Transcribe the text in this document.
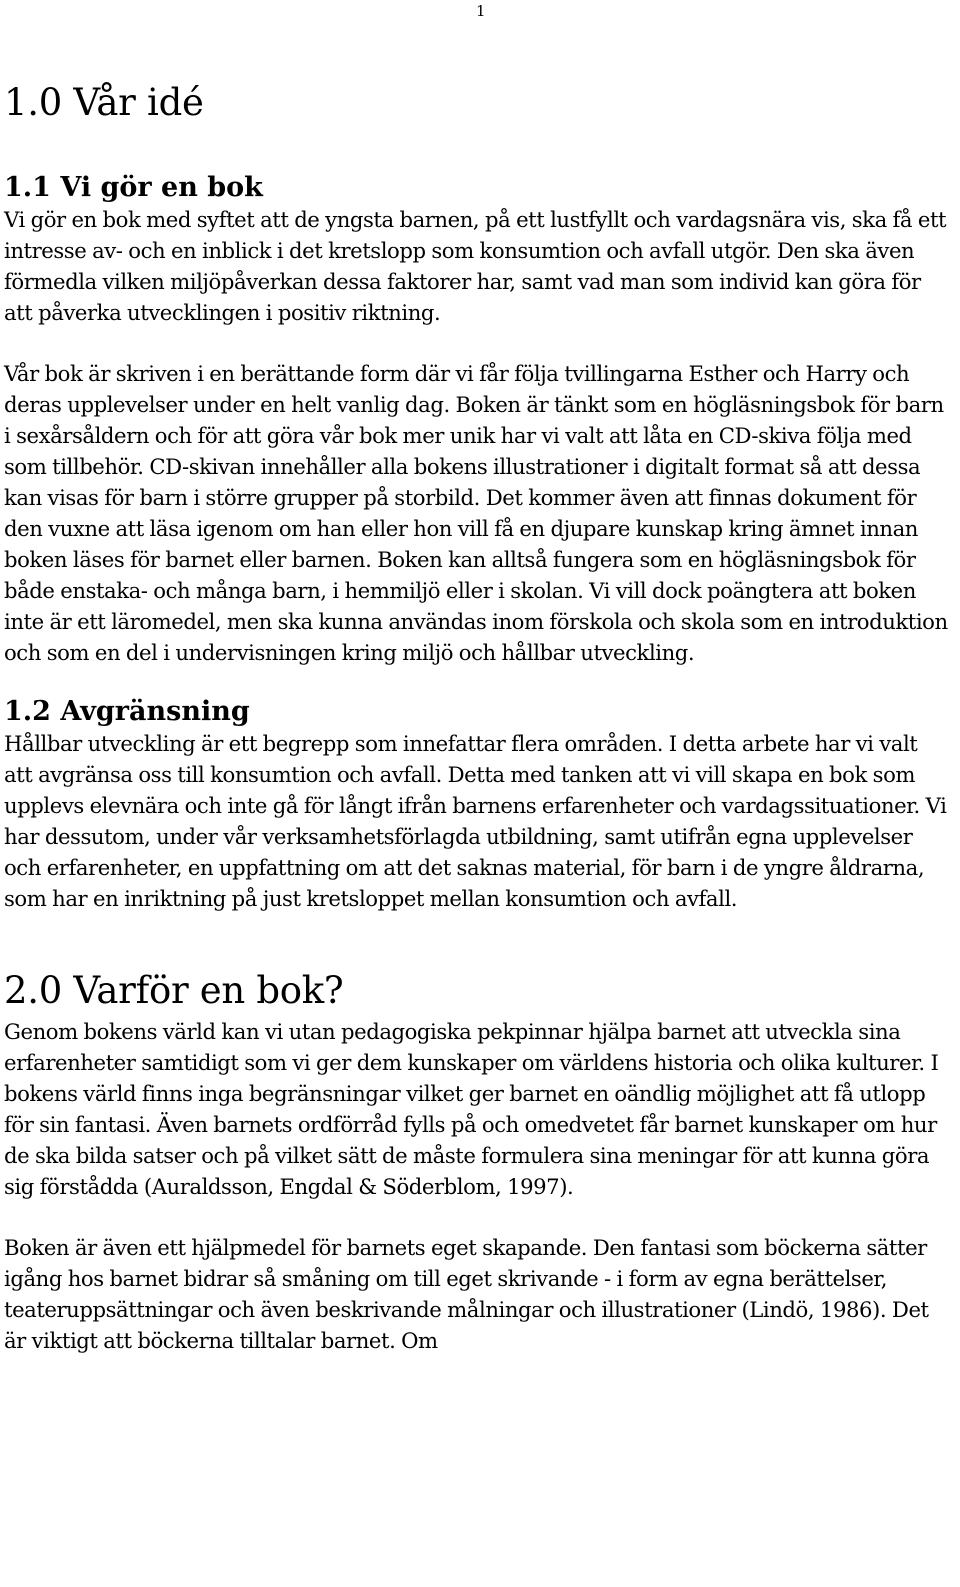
1
1.0 Vår idé
1.1 Vi gör en bok

Vi gör en bok med syftet att de yngsta barnen, på ett lustfyllt och vardagsnära vis, ska få ett intresse av- och en inblick i det kretslopp som konsumtion och avfall utgör. Den ska även förmedla vilken miljöpåverkan dessa faktorer har, samt vad man som individ kan göra för att påverka utvecklingen i positiv riktning.

Vår bok är skriven i en berättande form där vi får följa tvillingarna Esther och Harry och deras upplevelser under en helt vanlig dag. Boken är tänkt som en högläsningsbok för barn i sexårsåldern och för att göra vår bok mer unik har vi valt att låta en CD-skiva följa med som tillbehör. CD-skivan innehåller alla bokens illustrationer i digitalt format så att dessa kan visas för barn i större grupper på storbild. Det kommer även att finnas dokument för den vuxne att läsa igenom om han eller hon vill få en djupare kunskap kring ämnet innan boken läses för barnet eller barnen. Boken kan alltså fungera som en högläsningsbok för både enstaka- och många barn, i hemmiljö eller i skolan. Vi vill dock poängtera att boken inte är ett läromedel, men ska kunna användas inom förskola och skola som en introduktion och som en del i undervisningen kring miljö och hållbar utveckling.

1.2 Avgränsning

Hållbar utveckling är ett begrepp som innefattar flera områden. I detta arbete har vi valt att avgränsa oss till konsumtion och avfall. Detta med tanken att vi vill skapa en bok som upplevs elevnära och inte gå för långt ifrån barnens erfarenheter och vardagssituationer. Vi har dessutom, under vår verksamhetsförlagda utbildning, samt utifrån egna upplevelser och erfarenheter, en uppfattning om att det saknas material, för barn i de yngre åldrarna, som har en inriktning på just kretsloppet mellan konsumtion och avfall.

2.0 Varför en bok?

Genom bokens värld kan vi utan pedagogiska pekpinnar hjälpa barnet att utveckla sina erfarenheter samtidigt som vi ger dem kunskaper om världens historia och olika kulturer. I bokens värld finns inga begränsningar vilket ger barnet en oändlig möjlighet att få utlopp för sin fantasi. Även barnets ordförråd fylls på och omedvetet får barnet kunskaper om hur de ska bilda satser och på vilket sätt de måste formulera sina meningar för att kunna göra sig förstådda (Auraldsson, Engdal & Söderblom, 1997).

Boken är även ett hjälpmedel för barnets eget skapande. Den fantasi som böckerna sätter igång hos barnet bidrar så småning om till eget skrivande - i form av egna berättelser, teateruppsättningar och även beskrivande målningar och illustrationer (Lindö, 1986). Det är viktigt att böckerna tilltalar barnet. Om
